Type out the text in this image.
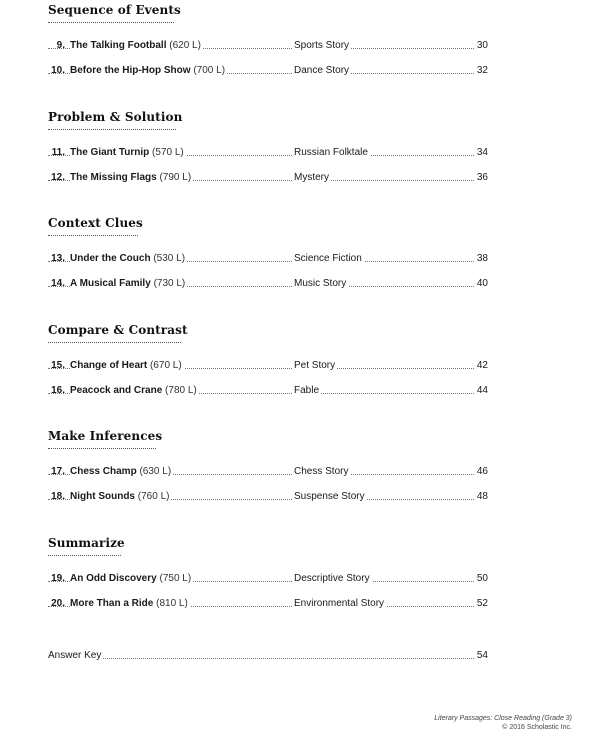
Sequence of Events
9. The Talking Football (620 L)	Sports Story	30
10. Before the Hip-Hop Show (700 L)	Dance Story	32
Problem & Solution
11. The Giant Turnip (570 L)	Russian Folktale	34
12. The Missing Flags (790 L)	Mystery	36
Context Clues
13. Under the Couch (530 L)	Science Fiction	38
14. A Musical Family (730 L)	Music Story	40
Compare & Contrast
15. Change of Heart (670 L)	Pet Story	42
16. Peacock and Crane (780 L)	Fable	44
Make Inferences
17. Chess Champ (630 L)	Chess Story	46
18. Night Sounds (760 L)	Suspense Story	48
Summarize
19. An Odd Discovery (750 L)	Descriptive Story	50
20. More Than a Ride (810 L)	Environmental Story	52
Answer Key	54
Literary Passages: Close Reading (Grade 3)
© 2016 Scholastic Inc.
